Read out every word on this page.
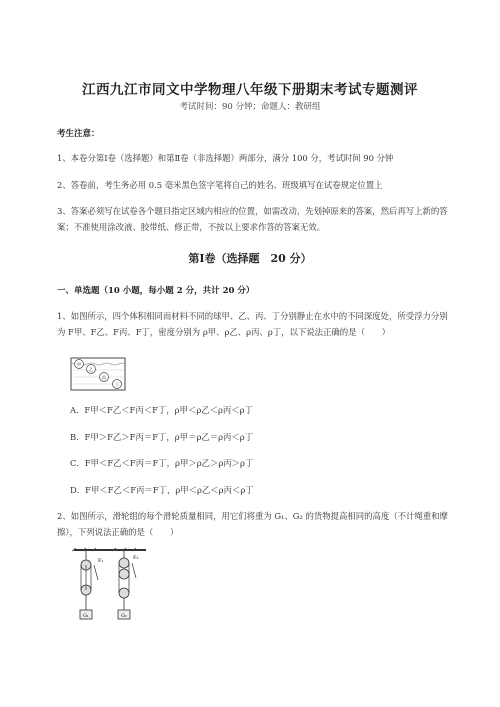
江西九江市同文中学物理八年级下册期末考试专题测评
考试时间：90 分钟；命题人：教研组
考生注意：
1、本卷分第Ⅰ卷（选择题）和第Ⅱ卷（非选择题）两部分，满分 100 分，考试时间 90 分钟
2、答卷前，考生务必用 0.5 毫米黑色签字笔将自己的姓名、班级填写在试卷规定位置上
3、答案必须写在试卷各个题目指定区域内相应的位置，如需改动，先划掉原来的答案，然后再写上新的答案；不准使用涂改液、胶带纸、修正带，不按以上要求作答的答案无效。
第Ⅰ卷（选择题　20 分）
一、单选题（10 小题，每小题 2 分，共计 20 分）
1、如图所示，四个体积相同而材料不同的球甲、乙、丙、丁分别静止在水中的不同深度处，所受浮力分别为 F甲、F乙、F丙、F丁，密度分别为 ρ甲、ρ乙、ρ丙、ρ丁，以下说法正确的是（　　）
甲
乙
丙
丁
A．F甲＜F乙＜F丙＜F丁，ρ甲＜ρ乙＜ρ丙＜ρ丁
B．F甲＞F乙＞F丙＝F丁，ρ甲＝ρ乙＝ρ丙＜ρ丁
C．F甲＜F乙＜F丙＝F丁，ρ甲＞ρ乙＞ρ丙＞ρ丁
D．F甲＜F乙＜F丙＝F丁，ρ甲＜ρ乙＜ρ丙＜ρ丁
2、如图所示，滑轮组的每个滑轮质量相同，用它们将重为 G₁、G₂ 的货物提高相同的高度（不计绳重和摩擦），下列说法正确的是（　　）
F₁
G₁
F₂
G₂
